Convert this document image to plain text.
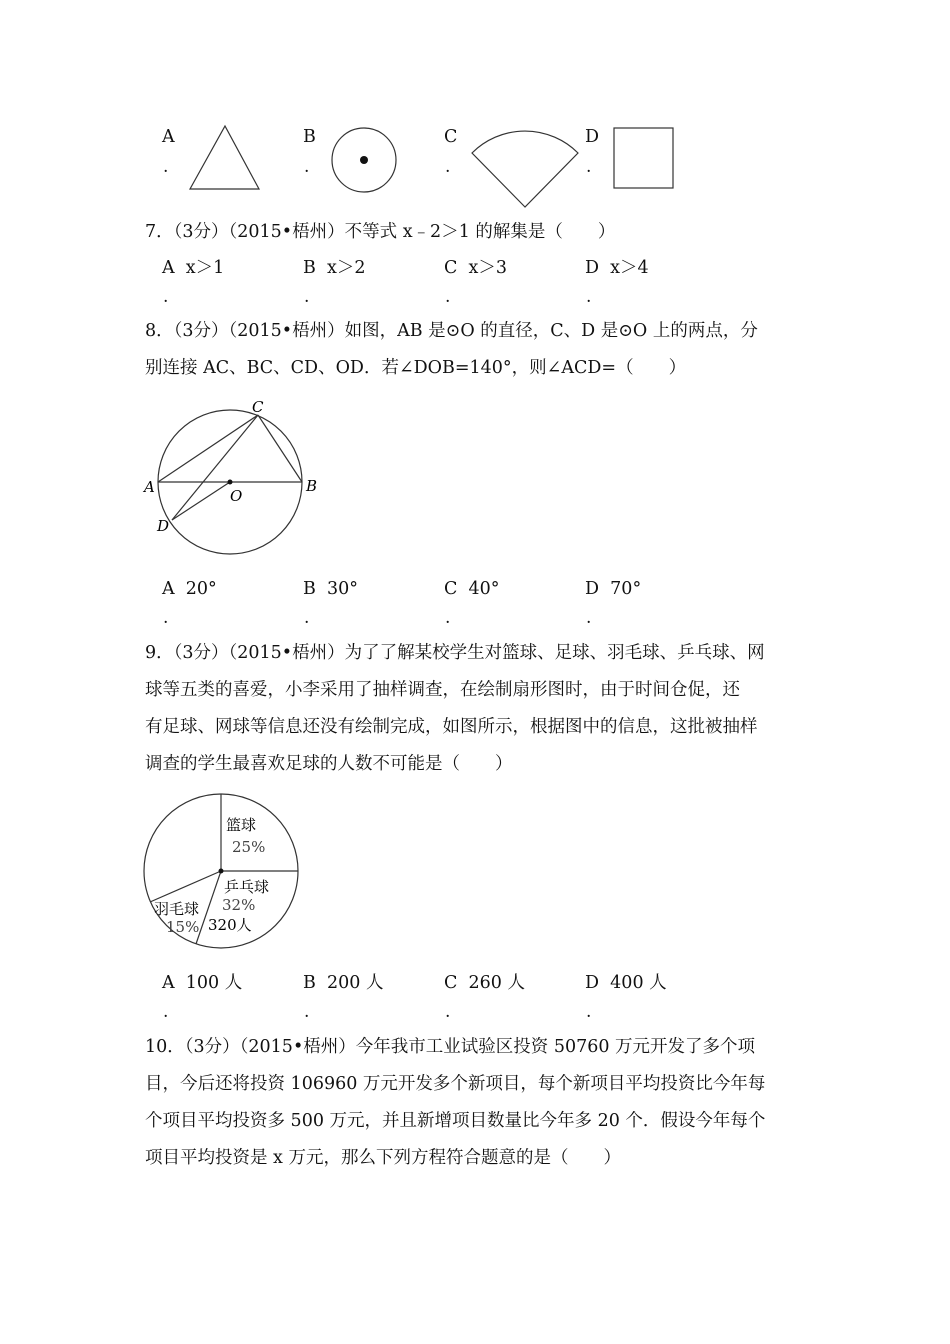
A
.
B
.
C
.
D
.
7．（3分）（2015•梧州）不等式 x﹣2＞1 的解集是（　　）
A x＞1
.
B x＞2
.
C x＞3
.
D x＞4
.
8．（3分）（2015•梧州）如图，AB 是⊙O 的直径，C、D 是⊙O 上的两点，分
别连接 AC、BC、CD、OD．若∠DOB=140°，则∠ACD=（　　）
C
A	B
O
D
A 20°
.
B 30°
.
C 40°
.
D 70°
.
9．（3分）（2015•梧州）为了了解某校学生对篮球、足球、羽毛球、乒乓球、网
球等五类的喜爱，小李采用了抽样调查，在绘制扇形图时，由于时间仓促，还
有足球、网球等信息还没有绘制完成，如图所示，根据图中的信息，这批被抽样
调查的学生最喜欢足球的人数不可能是（　　）
篮球
25%
乒乓球
32%
320人
羽毛球
15%
A 100 人
.
B 200 人
.
C 260 人
.
D 400 人
.
10．（3分）（2015•梧州）今年我市工业试验区投资 50760 万元开发了多个项
目，今后还将投资 106960 万元开发多个新项目，每个新项目平均投资比今年每
个项目平均投资多 500 万元，并且新增项目数量比今年多 20 个．假设今年每个
项目平均投资是 x 万元，那么下列方程符合题意的是（　　）
